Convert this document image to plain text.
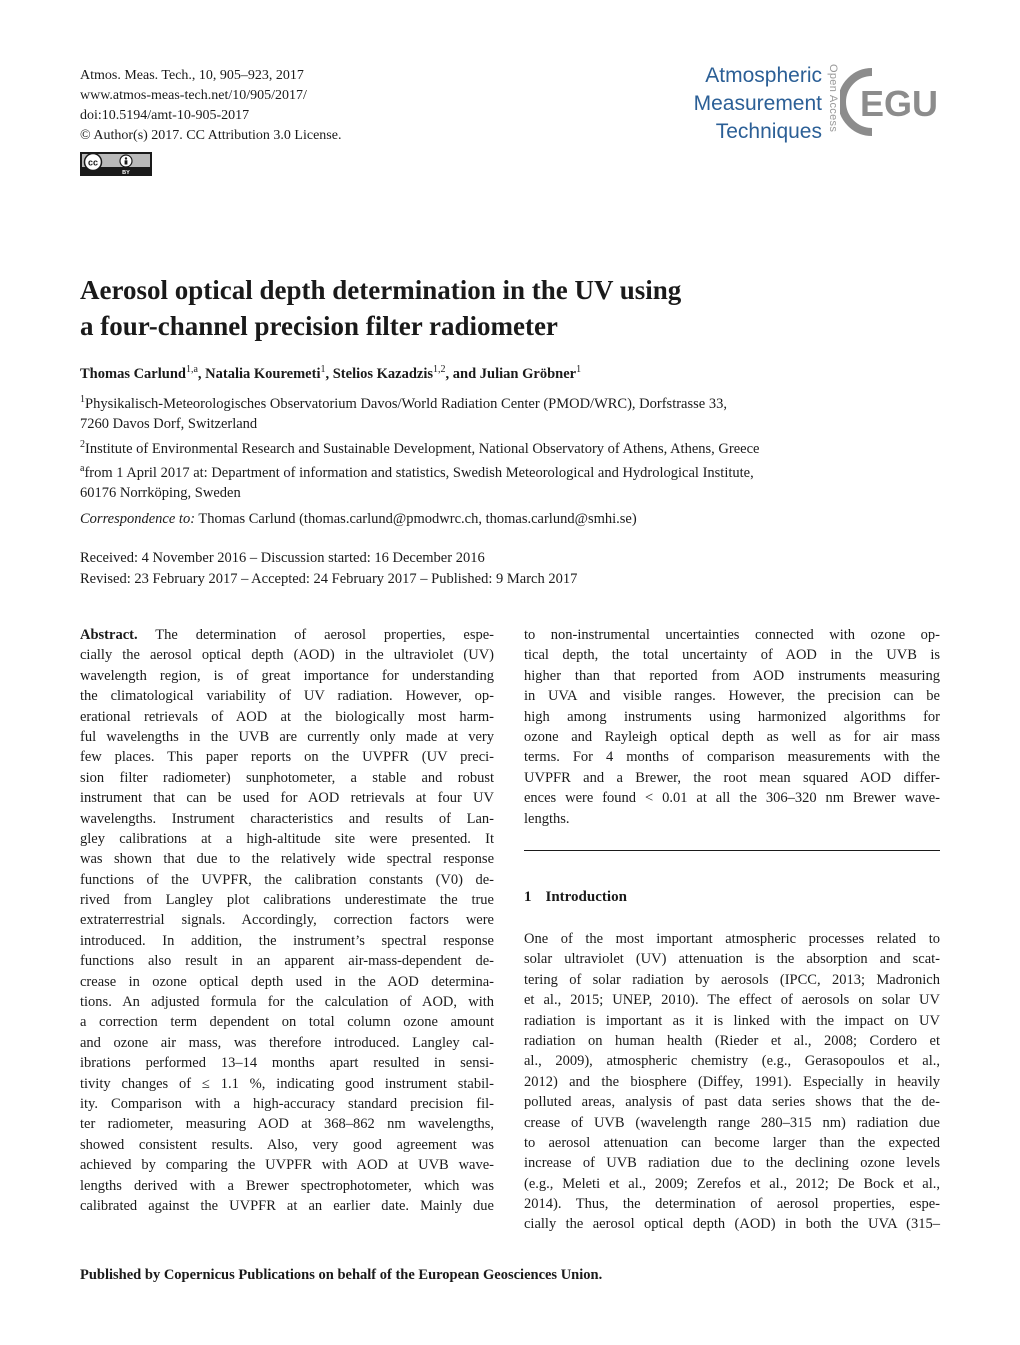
Atmos. Meas. Tech., 10, 905–923, 2017
www.atmos-meas-tech.net/10/905/2017/
doi:10.5194/amt-10-905-2017
© Author(s) 2017. CC Attribution 3.0 License.
cc
BY
Atmospheric
Measurement
Techniques Open Access EGU
Aerosol optical depth determination in the UV using
a four-channel precision filter radiometer
Thomas Carlund$^{1,a}$, Natalia Kouremeti$^1$, Stelios Kazadzis$^{1,2}$, and Julian Gröbner$^1$
$^1$Physikalisch-Meteorologisches Observatorium Davos/World Radiation Center (PMOD/WRC), Dorfstrasse 33,
7260 Davos Dorf, Switzerland
$^2$Institute of Environmental Research and Sustainable Development, National Observatory of Athens, Athens, Greece
$^a$from 1 April 2017 at: Department of information and statistics, Swedish Meteorological and Hydrological Institute,
60176 Norrköping, Sweden
Correspondence to: Thomas Carlund (thomas.carlund@pmodwrc.ch, thomas.carlund@smhi.se)
Received: 4 November 2016 – Discussion started: 16 December 2016
Revised: 23 February 2017 – Accepted: 24 February 2017 – Published: 9 March 2017
Abstract. The determination of aerosol properties, espe-
cially the aerosol optical depth (AOD) in the ultraviolet (UV)
wavelength region, is of great importance for understanding
the climatological variability of UV radiation. However, op-
erational retrievals of AOD at the biologically most harm-
ful wavelengths in the UVB are currently only made at very
few places. This paper reports on the UVPFR (UV preci-
sion filter radiometer) sunphotometer, a stable and robust
instrument that can be used for AOD retrievals at four UV
wavelengths. Instrument characteristics and results of Lan-
gley calibrations at a high-altitude site were presented. It
was shown that due to the relatively wide spectral response
functions of the UVPFR, the calibration constants (V0) de-
rived from Langley plot calibrations underestimate the true
extraterrestrial signals. Accordingly, correction factors were
introduced. In addition, the instrument’s spectral response
functions also result in an apparent air-mass-dependent de-
crease in ozone optical depth used in the AOD determina-
tions. An adjusted formula for the calculation of AOD, with
a correction term dependent on total column ozone amount
and ozone air mass, was therefore introduced. Langley cal-
ibrations performed 13–14 months apart resulted in sensi-
tivity changes of ≤ 1.1 %, indicating good instrument stabil-
ity. Comparison with a high-accuracy standard precision fil-
ter radiometer, measuring AOD at 368–862 nm wavelengths,
showed consistent results. Also, very good agreement was
achieved by comparing the UVPFR with AOD at UVB wave-
lengths derived with a Brewer spectrophotometer, which was
calibrated against the UVPFR at an earlier date. Mainly due
to non-instrumental uncertainties connected with ozone op-
tical depth, the total uncertainty of AOD in the UVB is
higher than that reported from AOD instruments measuring
in UVA and visible ranges. However, the precision can be
high among instruments using harmonized algorithms for
ozone and Rayleigh optical depth as well as for air mass
terms. For 4 months of comparison measurements with the
UVPFR and a Brewer, the root mean squared AOD differ-
ences were found < 0.01 at all the 306–320 nm Brewer wave-
lengths.
1 Introduction
One of the most important atmospheric processes related to
solar ultraviolet (UV) attenuation is the absorption and scat-
tering of solar radiation by aerosols (IPCC, 2013; Madronich
et al., 2015; UNEP, 2010). The effect of aerosols on solar UV
radiation is important as it is linked with the impact on UV
radiation on human health (Rieder et al., 2008; Cordero et
al., 2009), atmospheric chemistry (e.g., Gerasopoulos et al.,
2012) and the biosphere (Diffey, 1991). Especially in heavily
polluted areas, analysis of past data series shows that the de-
crease of UVB (wavelength range 280–315 nm) radiation due
to aerosol attenuation can become larger than the expected
increase of UVB radiation due to the declining ozone levels
(e.g., Meleti et al., 2009; Zerefos et al., 2012; De Bock et al.,
2014). Thus, the determination of aerosol properties, espe-
cially the aerosol optical depth (AOD) in both the UVA (315–
Published by Copernicus Publications on behalf of the European Geosciences Union.
